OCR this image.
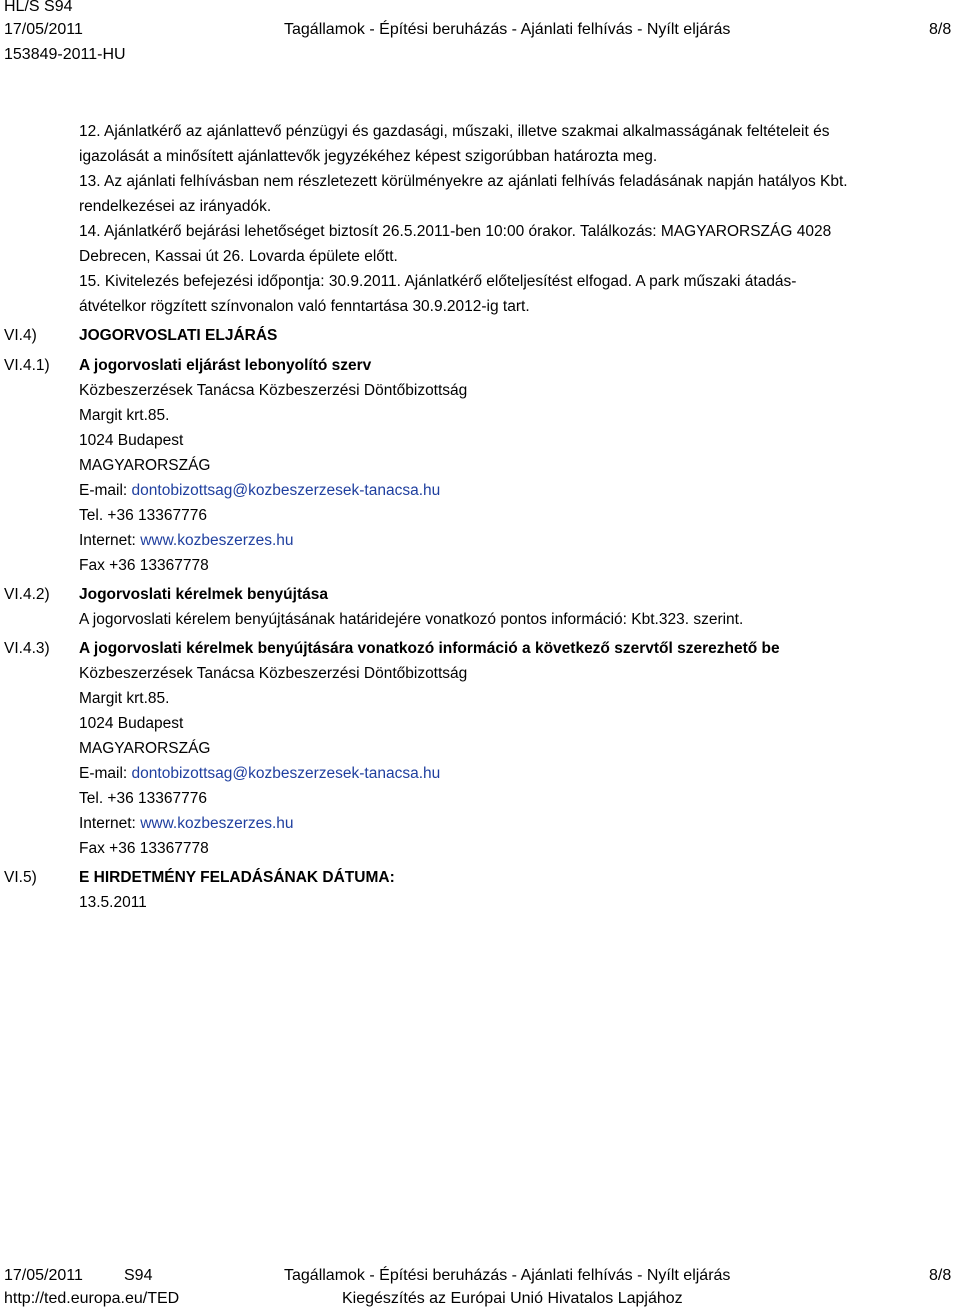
HL/S S94
17/05/2011	Tagállamok - Építési beruházás - Ajánlati felhívás - Nyílt eljárás	8/8
153849-2011-HU
12. Ajánlatkérő az ajánlattevő pénzügyi és gazdasági, műszaki, illetve szakmai alkalmasságának feltételeit és
igazolását a minősített ajánlattevők jegyzékéhez képest szigorúbban határozta meg.
13. Az ajánlati felhívásban nem részletezett körülményekre az ajánlati felhívás feladásának napján hatályos Kbt.
rendelkezései az irányadók.
14. Ajánlatkérő bejárási lehetőséget biztosít 26.5.2011-ben 10:00 órakor. Találkozás: MAGYARORSZÁG 4028
Debrecen, Kassai út 26. Lovarda épülete előtt.
15. Kivitelezés befejezési időpontja: 30.9.2011. Ajánlatkérő előteljesítést elfogad. A park műszaki átadás-
átvételkor rögzített színvonalon való fenntartása 30.9.2012-ig tart.
VI.4)	JOGORVOSLATI ELJÁRÁS
VI.4.1) A jogorvoslati eljárást lebonyolító szerv
Közbeszerzések Tanácsa Közbeszerzési Döntőbizottság
Margit krt.85.
1024 Budapest
MAGYARORSZÁG
E-mail: dontobizottsag@kozbeszerzesek-tanacsa.hu
Tel. +36 13367776
Internet: www.kozbeszerzes.hu
Fax +36 13367778
VI.4.2) Jogorvoslati kérelmek benyújtása
A jogorvoslati kérelem benyújtásának határidejére vonatkozó pontos információ: Kbt.323. szerint.
VI.4.3) A jogorvoslati kérelmek benyújtására vonatkozó információ a következő szervtől szerezhető be
Közbeszerzések Tanácsa Közbeszerzési Döntőbizottság
Margit krt.85.
1024 Budapest
MAGYARORSZÁG
E-mail: dontobizottsag@kozbeszerzesek-tanacsa.hu
Tel. +36 13367776
Internet: www.kozbeszerzes.hu
Fax +36 13367778
VI.5)	E HIRDETMÉNY FELADÁSÁNAK DÁTUMA:
13.5.2011
17/05/2011	S94	Tagállamok - Építési beruházás - Ajánlati felhívás - Nyílt eljárás	8/8
http://ted.europa.eu/TED	Kiegészítés az Európai Unió Hivatalos Lapjához
